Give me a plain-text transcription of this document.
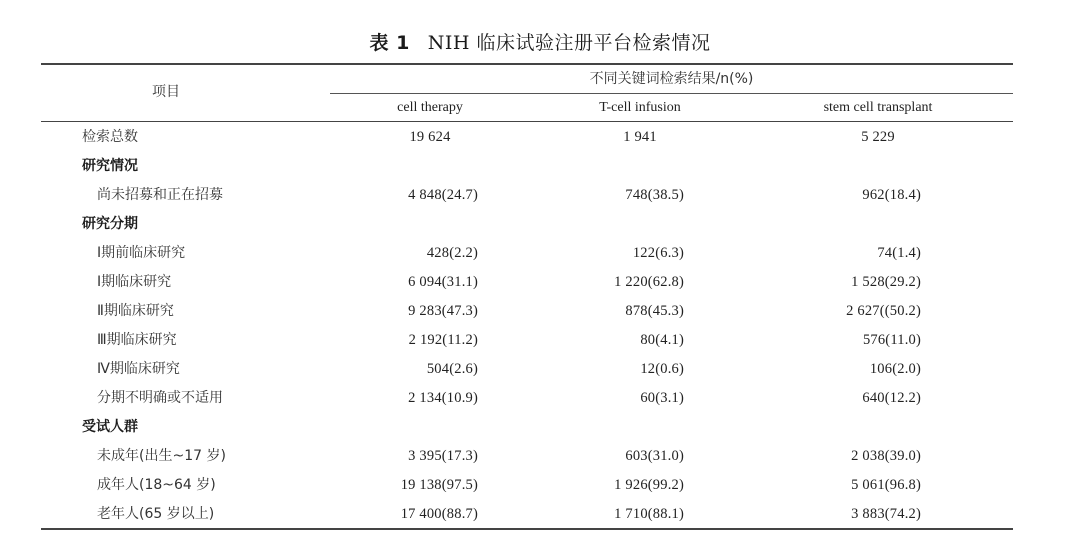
表 1 NIH 临床试验注册平台检索情况
项目
不同关键词检索结果/n(%)
cell therapy	T-cell infusion	stem cell transplant
检索总数	19 624	1 941	5 229
研究情况
尚未招募和正在招募	4 848(24.7)	748(38.5)	962(18.4)
研究分期
Ⅰ期前临床研究	428(2.2)	122(6.3)	74(1.4)
Ⅰ期临床研究	6 094(31.1)	1 220(62.8)	1 528(29.2)
Ⅱ期临床研究	9 283(47.3)	878(45.3)	2 627((50.2)
Ⅲ期临床研究	2 192(11.2)	80(4.1)	576(11.0)
Ⅳ期临床研究	504(2.6)	12(0.6)	106(2.0)
分期不明确或不适用	2 134(10.9)	60(3.1)	640(12.2)
受试人群
未成年(出生~17 岁)	3 395(17.3)	603(31.0)	2 038(39.0)
成年人(18~64 岁)	19 138(97.5)	1 926(99.2)	5 061(96.8)
老年人(65 岁以上)	17 400(88.7)	1 710(88.1)	3 883(74.2)
